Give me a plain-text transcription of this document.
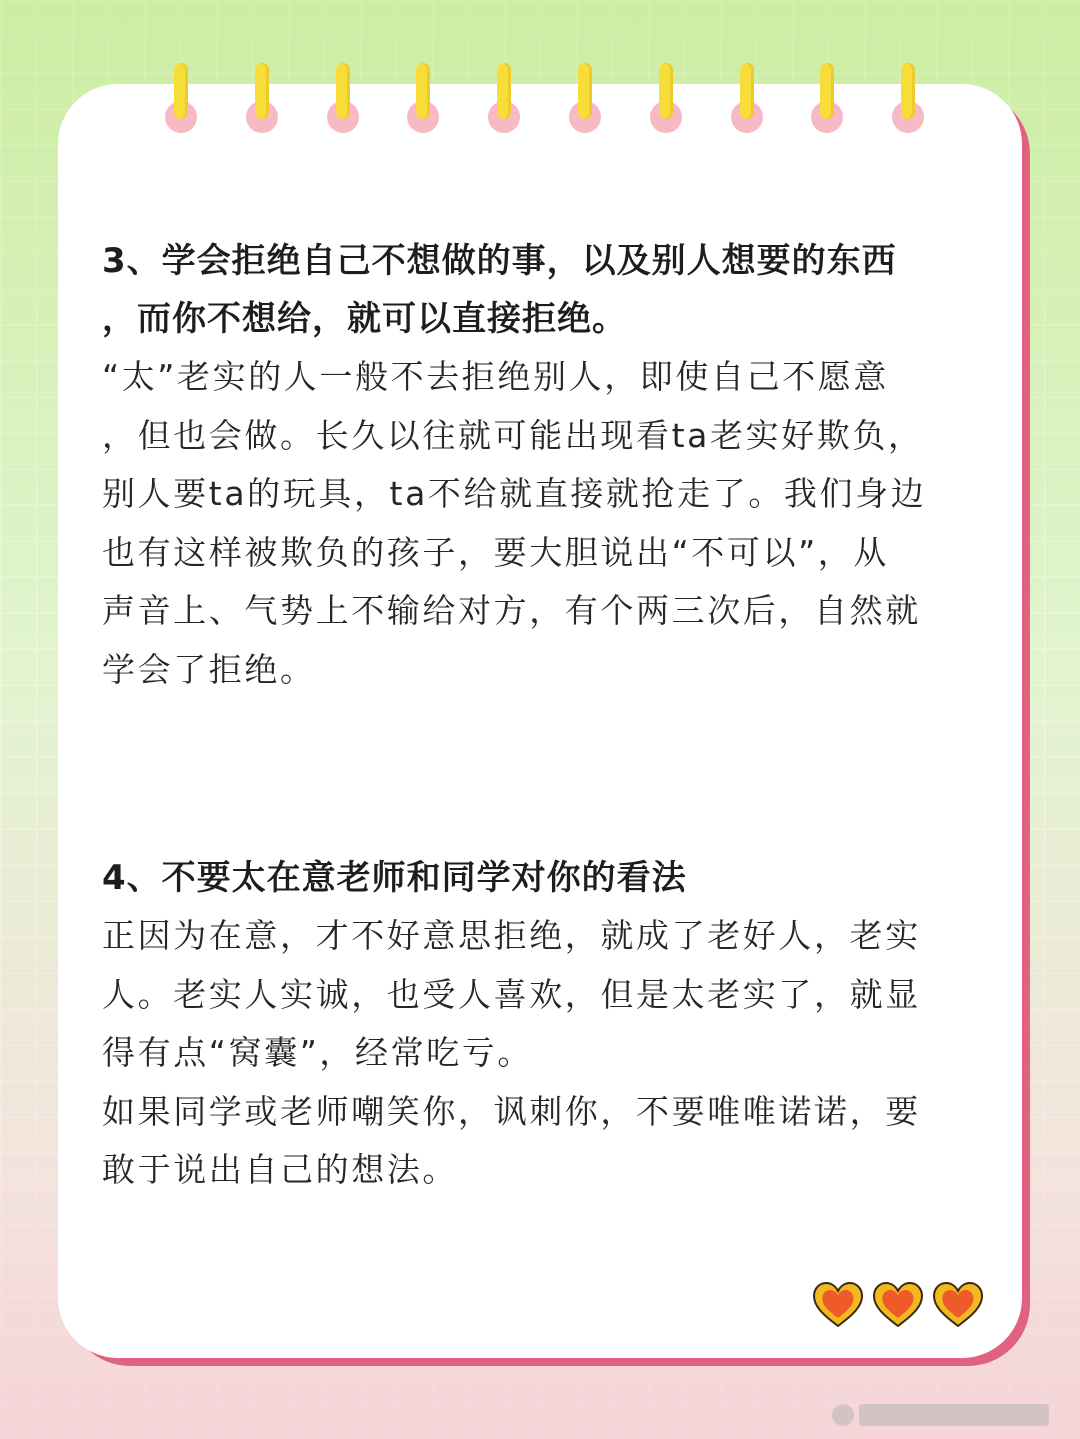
3、学会拒绝自己不想做的事，以及别人想要的东西

，而你不想给，就可以直接拒绝。

“太”老实的人一般不去拒绝别人，即使自己不愿意

，但也会做。长久以往就可能出现看ta老实好欺负，

别人要ta的玩具，ta不给就直接就抢走了。我们身边

也有这样被欺负的孩子，要大胆说出“不可以”，从

声音上、气势上不输给对方，有个两三次后，自然就

学会了拒绝。

4、不要太在意老师和同学对你的看法

正因为在意，才不好意思拒绝，就成了老好人，老实

人。老实人实诚，也受人喜欢，但是太老实了，就显

得有点“窝囊”，经常吃亏。

如果同学或老师嘲笑你，讽刺你，不要唯唯诺诺，要

敢于说出自己的想法。
